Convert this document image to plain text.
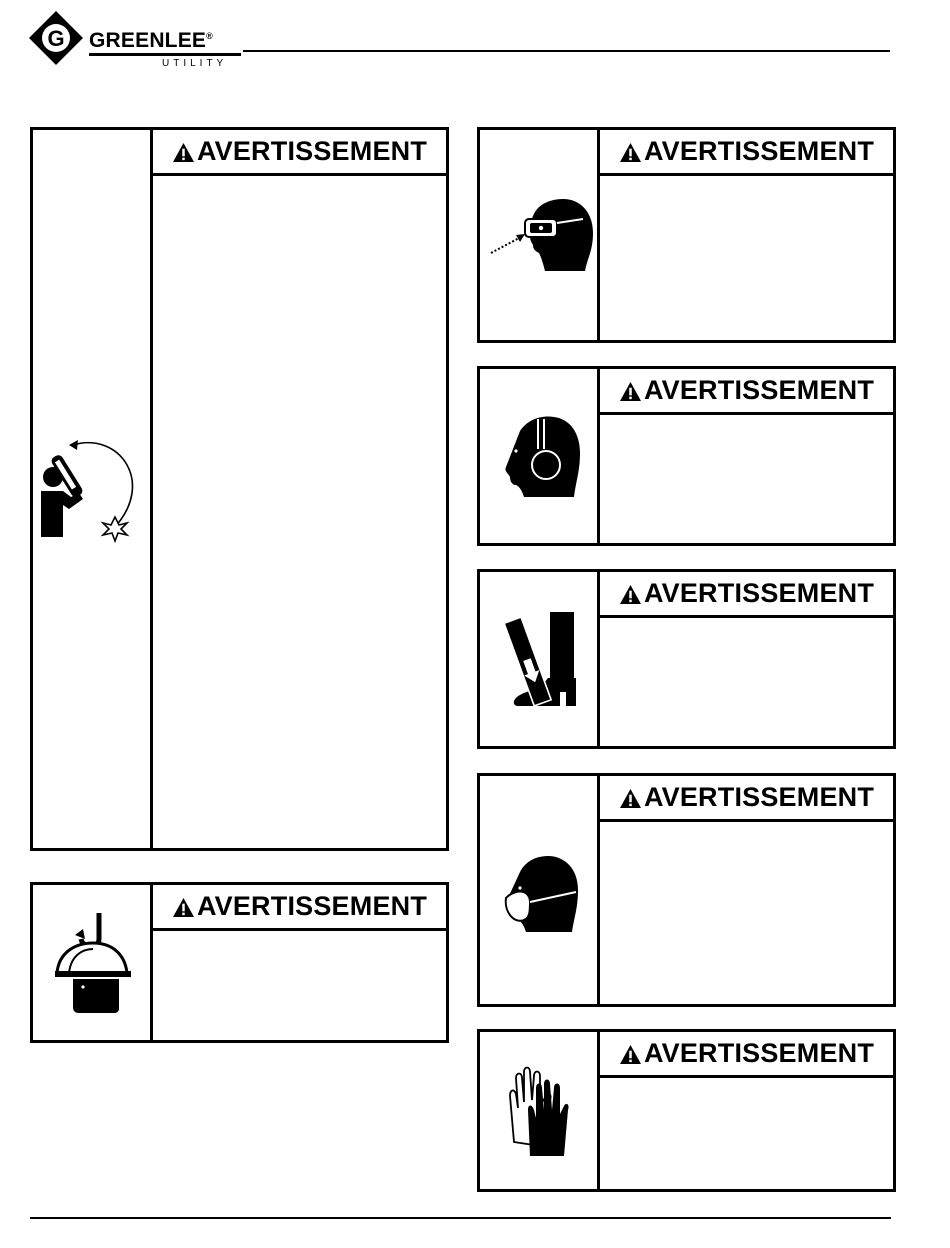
G GREENLEE®
UTILITY
AVERTISSEMENT
AVERTISSEMENT
AVERTISSEMENT
AVERTISSEMENT
AVERTISSEMENT
AVERTISSEMENT
AVERTISSEMENT
